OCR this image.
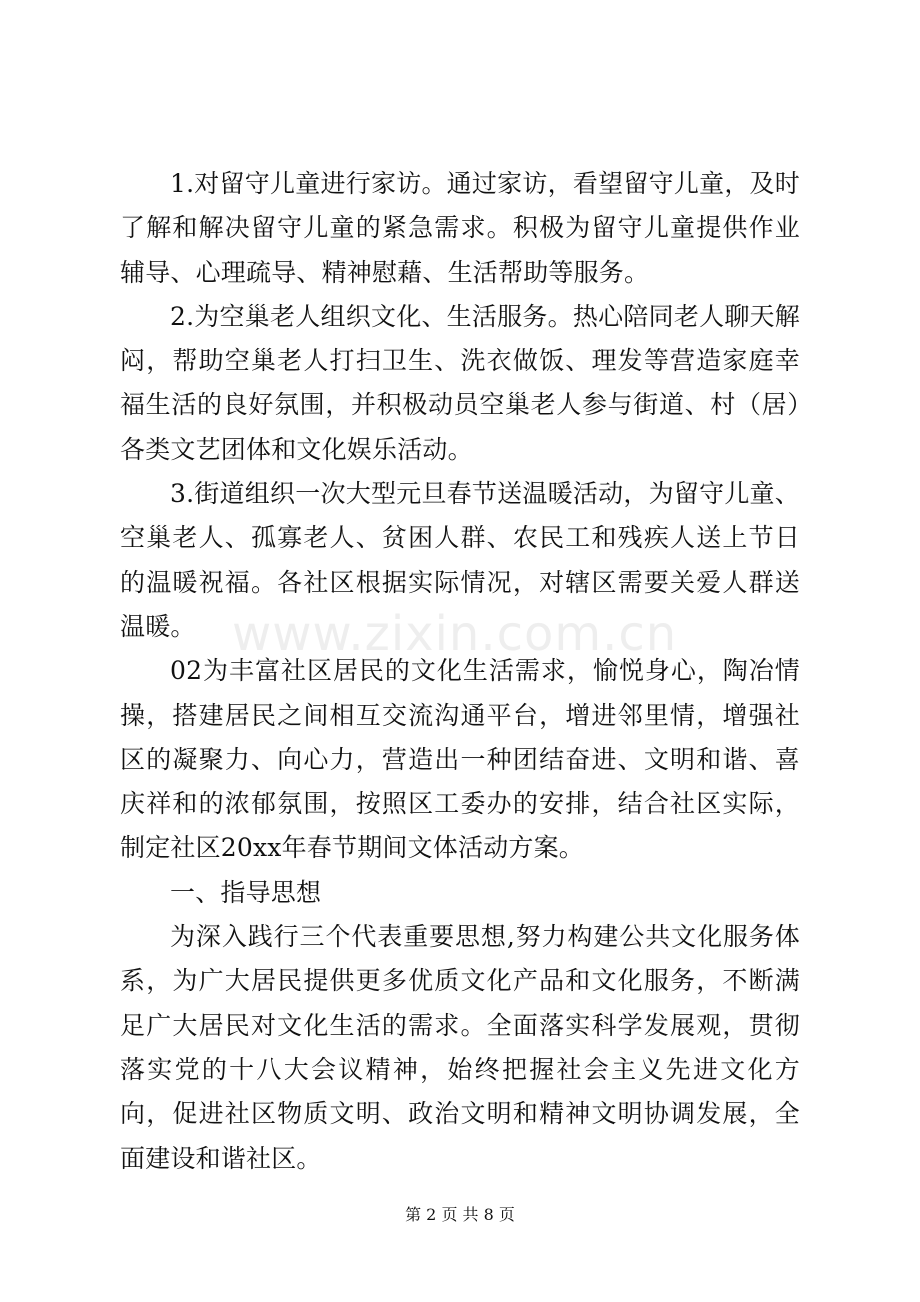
1.对留守儿童进行家访。通过家访，看望留守儿童，及时了解和解决留守儿童的紧急需求。积极为留守儿童提供作业辅导、心理疏导、精神慰藉、生活帮助等服务。

2.为空巢老人组织文化、生活服务。热心陪同老人聊天解闷，帮助空巢老人打扫卫生、洗衣做饭、理发等营造家庭幸福生活的良好氛围，并积极动员空巢老人参与街道、村（居）各类文艺团体和文化娱乐活动。

3.街道组织一次大型元旦春节送温暖活动，为留守儿童、空巢老人、孤寡老人、贫困人群、农民工和残疾人送上节日的温暖祝福。各社区根据实际情况，对辖区需要关爱人群送温暖。

02为丰富社区居民的文化生活需求，愉悦身心，陶冶情操，搭建居民之间相互交流沟通平台，增进邻里情，增强社区的凝聚力、向心力，营造出一种团结奋进、文明和谐、喜庆祥和的浓郁氛围，按照区工委办的安排，结合社区实际，制定社区20xx年春节期间文体活动方案。

一、指导思想

为深入践行三个代表重要思想,努力构建公共文化服务体系，为广大居民提供更多优质文化产品和文化服务，不断满足广大居民对文化生活的需求。全面落实科学发展观，贯彻落实党的十八大会议精神，始终把握社会主义先进文化方向，促进社区物质文明、政治文明和精神文明协调发展，全面建设和谐社区。

www.zixin.com.cn
第 2 页 共 8 页
